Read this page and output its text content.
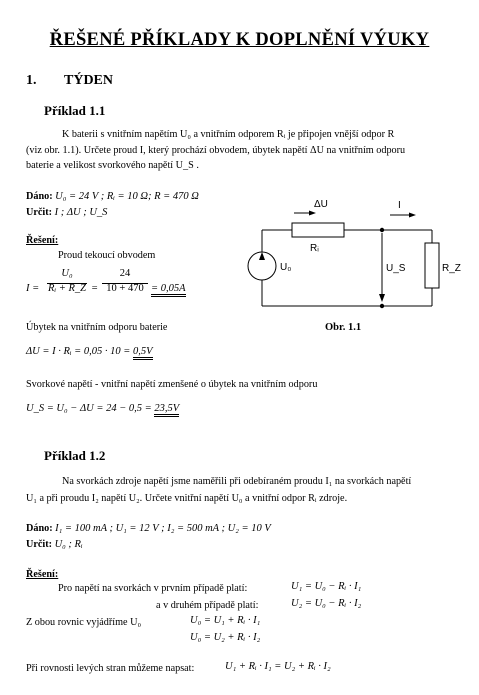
ŘEŠENÉ PŘÍKLADY K DOPLNĚNÍ VÝUKY
1. TÝDEN
Příklad 1.1
K baterii s vnitřním napětím U₀ a vnitřním odporem Rᵢ je připojen vnější odpor R
(viz obr. 1.1). Určete proud I, který prochází obvodem, úbytek napětí ΔU na vnitřním odporu
baterie a velikost svorkového napětí U_S .
Dáno: U₀ = 24 V ; Rᵢ = 10 Ω; R = 470 Ω
Určit: I ; ΔU ; U_S
Řešení:
Proud tekoucí obvodem
I =
U₀
Rᵢ + R_Z =
24
10 + 470 = 0,05A
Úbytek na vnitřním odporu baterie
ΔU = I · Rᵢ = 0,05 · 10 = 0,5V
Svorkové napětí - vnitřní napětí zmenšené o úbytek na vnitřním odporu
U_S = U₀ − ΔU = 24 − 0,5 = 23,5V
ΔU	I
Rᵢ
U₀	U_S	R_Z
Obr. 1.1
Příklad 1.2
Na svorkách zdroje napětí jsme naměřili při odebíraném proudu I₁ na svorkách napětí
U₁ a při proudu I₂ napětí U₂. Určete vnitřní napětí U₀ a vnitřní odpor Rᵢ zdroje.
Dáno: I₁ = 100 mA ; U₁ = 12 V ; I₂ = 500 mA ; U₂ = 10 V
Určit: U₀ ; Rᵢ
Řešení:
Pro napětí na svorkách v prvním případě platí:	U₁ = U₀ − Rᵢ · I₁
a v druhém případě platí:	U₂ = U₀ − Rᵢ · I₂
Z obou rovnic vyjádříme U₀	U₀ = U₁ + Rᵢ · I₁
U₀ = U₂ + Rᵢ · I₂
Při rovnosti levých stran můžeme napsat:	U₁ + Rᵢ · I₁ = U₂ + Rᵢ · I₂
